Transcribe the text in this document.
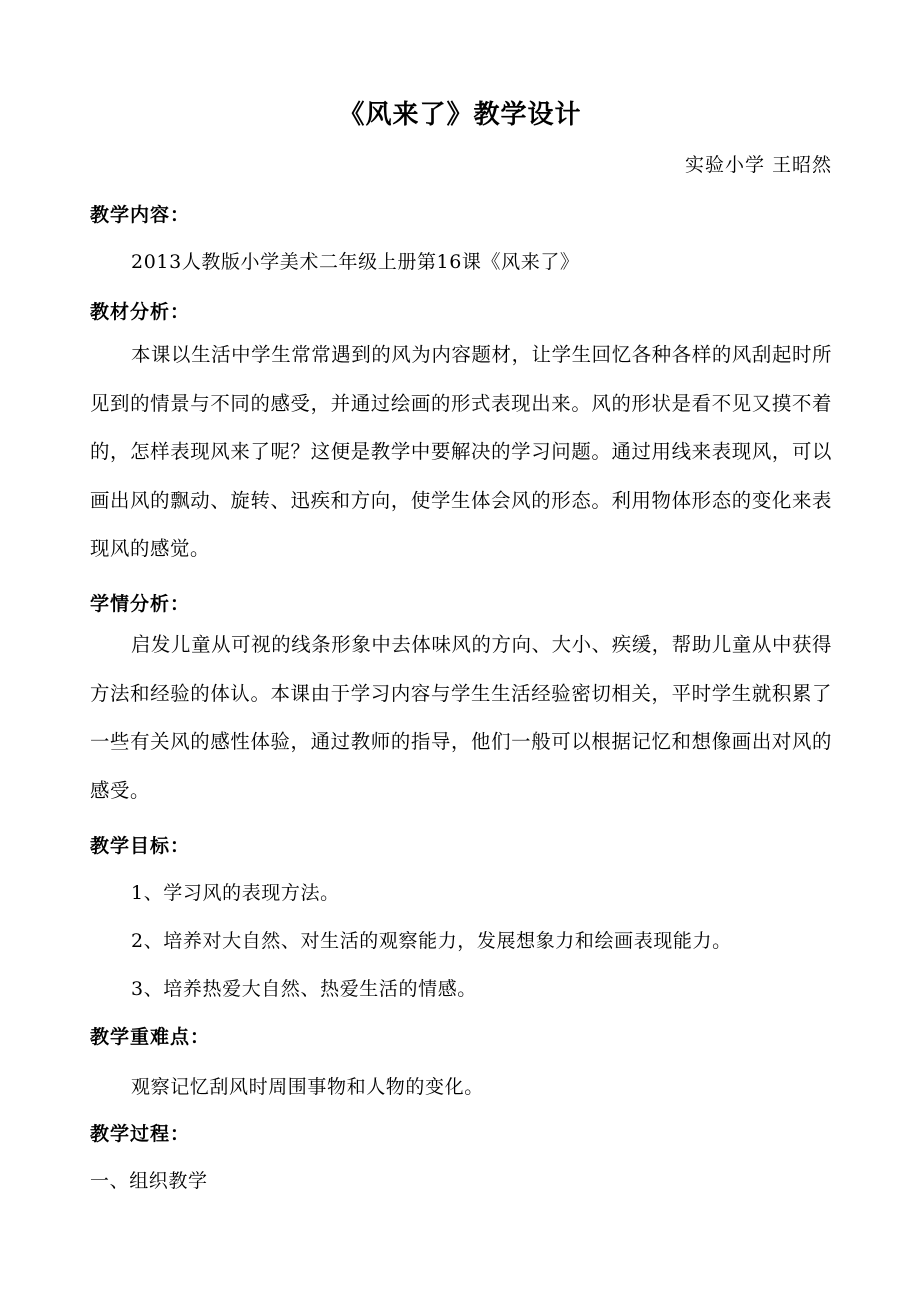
《风来了》教学设计
实验小学 王昭然
教学内容：
2013人教版小学美术二年级上册第16课《风来了》
教材分析：

本课以生活中学生常常遇到的风为内容题材，让学生回忆各种各样的风刮起时所见到的情景与不同的感受，并通过绘画的形式表现出来。风的形状是看不见又摸不着的，怎样表现风来了呢？这便是教学中要解决的学习问题。通过用线来表现风，可以画出风的飘动、旋转、迅疾和方向，使学生体会风的形态。利用物体形态的变化来表现风的感觉。

学情分析：

启发儿童从可视的线条形象中去体味风的方向、大小、疾缓，帮助儿童从中获得方法和经验的体认。本课由于学习内容与学生生活经验密切相关，平时学生就积累了一些有关风的感性体验，通过教师的指导，他们一般可以根据记忆和想像画出对风的感受。

教学目标：
1、学习风的表现方法。
2、培养对大自然、对生活的观察能力，发展想象力和绘画表现能力。
3、培养热爱大自然、热爱生活的情感。
教学重难点：
观察记忆刮风时周围事物和人物的变化。
教学过程：
一、组织教学
